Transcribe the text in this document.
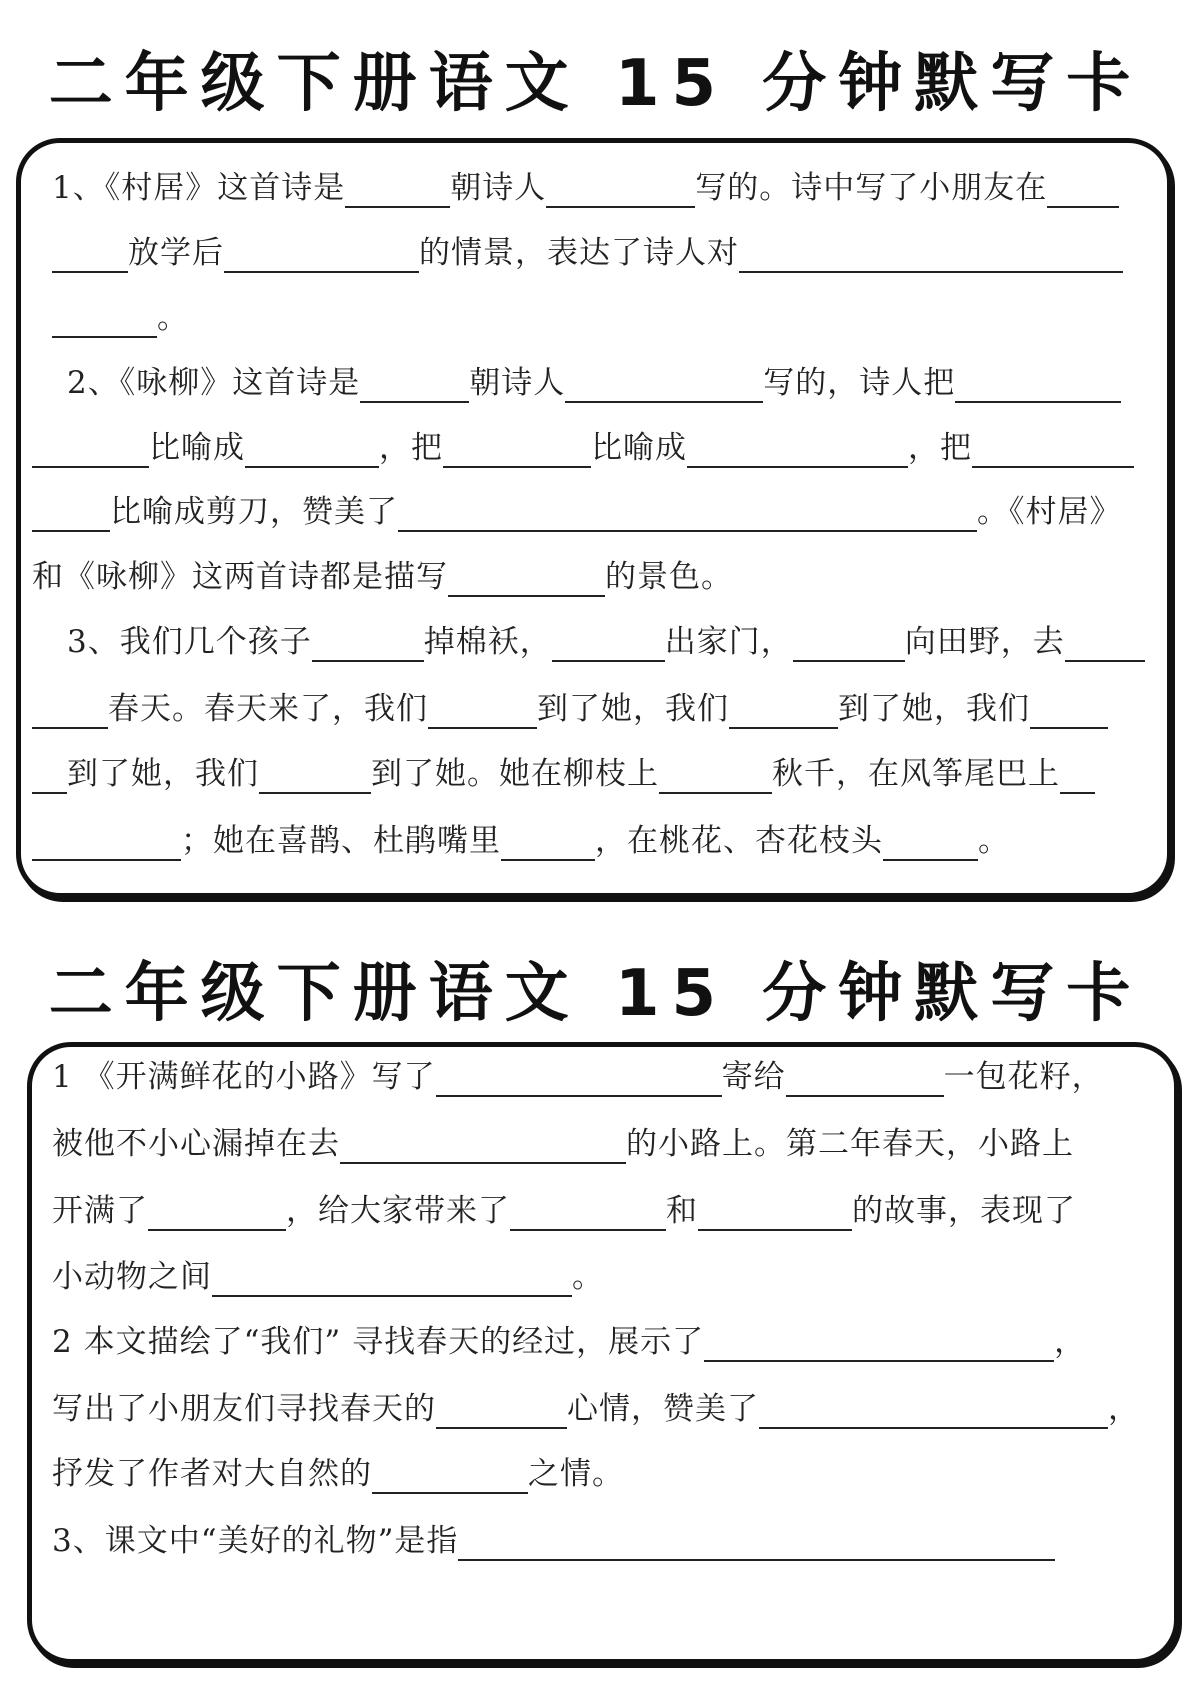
二年级下册语文 15 分钟默写卡
二年级下册语文 15 分钟默写卡
1、《村居》这首诗是	朝诗人	写的。诗中写了小朋友在
放学后	的情景，表达了诗人对
。
2、《咏柳》这首诗是	朝诗人	写的，诗人把
比喻成	，把	比喻成	，把
比喻成剪刀，赞美了	。《村居》
和《咏柳》这两首诗都是描写	的景色。
3、我们几个孩子	掉棉袄，	出家门，	向田野，去
春天。春天来了，我们	到了她，我们	到了她，我们
到了她，我们	到了她。她在柳枝上	秋千，在风筝尾巴上
；她在喜鹊、杜鹃嘴里	，在桃花、杏花枝头	。
1 《开满鲜花的小路》写了	寄给	一包花籽，
被他不小心漏掉在去	的小路上。第二年春天，小路上
开满了	，给大家带来了	和	的故事，表现了
小动物之间	。
2 本文描绘了“我们” 寻找春天的经过，展示了	，
写出了小朋友们寻找春天的	心情，赞美了	，
抒发了作者对大自然的	之情。
3、课文中“美好的礼物”是指
